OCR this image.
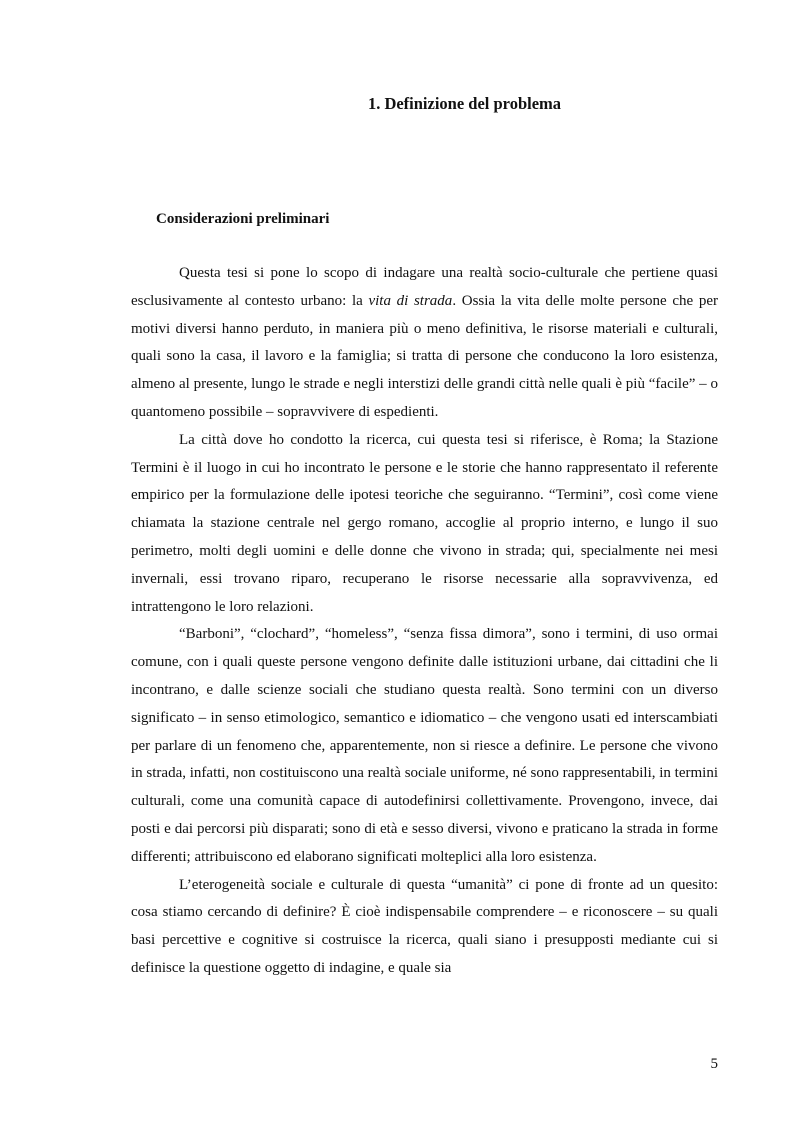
1. Definizione del problema
Considerazioni preliminari

Questa tesi si pone lo scopo di indagare una realtà socio-culturale che pertiene quasi esclusivamente al contesto urbano: la vita di strada. Ossia la vita delle molte persone che per motivi diversi hanno perduto, in maniera più o meno definitiva, le risorse materiali e culturali, quali sono la casa, il lavoro e la famiglia; si tratta di persone che conducono la loro esistenza, almeno al presente, lungo le strade e negli interstizi delle grandi città nelle quali è più “facile” – o quantomeno possibile – sopravvivere di espedienti.

La città dove ho condotto la ricerca, cui questa tesi si riferisce, è Roma; la Stazione Termini è il luogo in cui ho incontrato le persone e le storie che hanno rappresentato il referente empirico per la formulazione delle ipotesi teoriche che seguiranno. “Termini”, così come viene chiamata la stazione centrale nel gergo romano, accoglie al proprio interno, e lungo il suo perimetro, molti degli uomini e delle donne che vivono in strada; qui, specialmente nei mesi invernali, essi trovano riparo, recuperano le risorse necessarie alla sopravvivenza, ed intrattengono le loro relazioni.

“Barboni”, “clochard”, “homeless”, “senza fissa dimora”, sono i termini, di uso ormai comune, con i quali queste persone vengono definite dalle istituzioni urbane, dai cittadini che li incontrano, e dalle scienze sociali che studiano questa realtà. Sono termini con un diverso significato – in senso etimologico, semantico e idiomatico – che vengono usati ed interscambiati per parlare di un fenomeno che, apparentemente, non si riesce a definire. Le persone che vivono in strada, infatti, non costituiscono una realtà sociale uniforme, né sono rappresentabili, in termini culturali, come una comunità capace di autodefinirsi collettivamente. Provengono, invece, dai posti e dai percorsi più disparati; sono di età e sesso diversi, vivono e praticano la strada in forme differenti; attribuiscono ed elaborano significati molteplici alla loro esistenza.

L’eterogeneità sociale e culturale di questa “umanità” ci pone di fronte ad un quesito: cosa stiamo cercando di definire? È cioè indispensabile comprendere – e riconoscere – su quali basi percettive e cognitive si costruisce la ricerca, quali siano i presupposti mediante cui si definisce la questione oggetto di indagine, e quale sia

5
